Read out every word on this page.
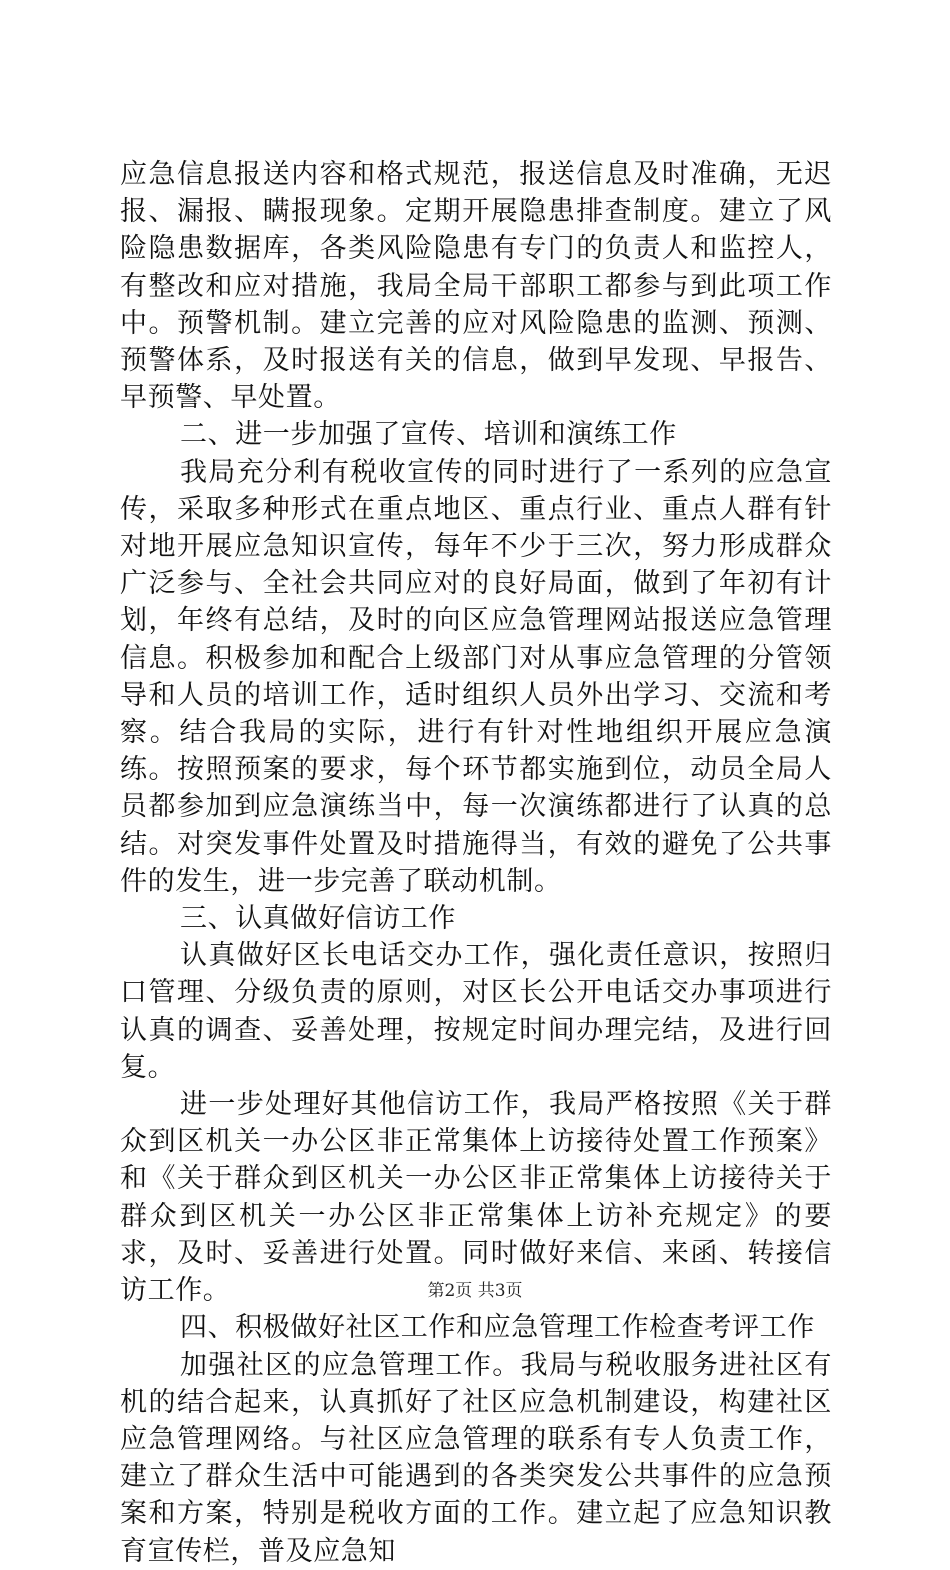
应急信息报送内容和格式规范，报送信息及时准确，无迟报、漏报、瞒报现象。定期开展隐患排查制度。建立了风险隐患数据库，各类风险隐患有专门的负责人和监控人，有整改和应对措施，我局全局干部职工都参与到此项工作中。预警机制。建立完善的应对风险隐患的监测、预测、预警体系，及时报送有关的信息，做到早发现、早报告、早预警、早处置。

二、进一步加强了宣传、培训和演练工作

我局充分利有税收宣传的同时进行了一系列的应急宣传，采取多种形式在重点地区、重点行业、重点人群有针对地开展应急知识宣传，每年不少于三次，努力形成群众广泛参与、全社会共同应对的良好局面，做到了年初有计划，年终有总结，及时的向区应急管理网站报送应急管理信息。积极参加和配合上级部门对从事应急管理的分管领导和人员的培训工作，适时组织人员外出学习、交流和考察。结合我局的实际，进行有针对性地组织开展应急演练。按照预案的要求，每个环节都实施到位，动员全局人员都参加到应急演练当中，每一次演练都进行了认真的总结。对突发事件处置及时措施得当，有效的避免了公共事件的发生，进一步完善了联动机制。

三、认真做好信访工作

认真做好区长电话交办工作，强化责任意识，按照归口管理、分级负责的原则，对区长公开电话交办事项进行认真的调查、妥善处理，按规定时间办理完结，及进行回复。

进一步处理好其他信访工作，我局严格按照《关于群众到区机关一办公区非正常集体上访接待处置工作预案》和《关于群众到区机关一办公区非正常集体上访接待关于群众到区机关一办公区非正常集体上访补充规定》的要求，及时、妥善进行处置。同时做好来信、来函、转接信访工作。

四、积极做好社区工作和应急管理工作检查考评工作

加强社区的应急管理工作。我局与税收服务进社区有机的结合起来，认真抓好了社区应急机制建设，构建社区应急管理网络。与社区应急管理的联系有专人负责工作，建立了群众生活中可能遇到的各类突发公共事件的应急预案和方案，特别是税收方面的工作。建立起了应急知识教育宣传栏，普及应急知

第2页 共3页
